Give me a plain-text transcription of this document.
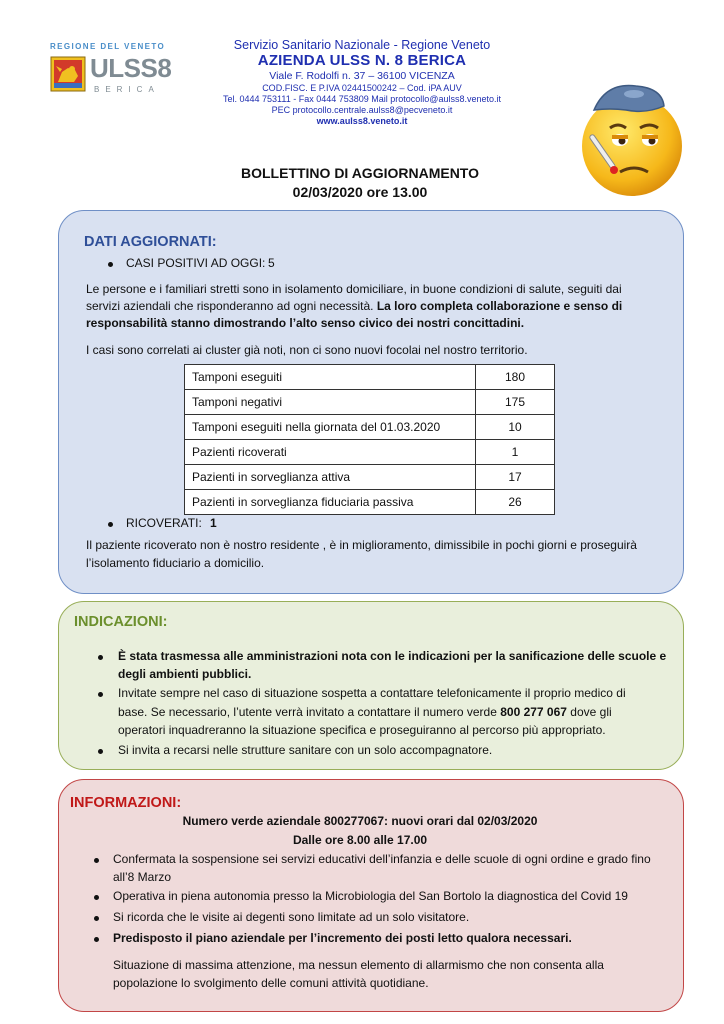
REGIONE DEL VENETO
ULSS8
BERICA
Servizio Sanitario Nazionale - Regione Veneto
AZIENDA ULSS N. 8 BERICA
Viale F. Rodolfi n. 37 – 36100 VICENZA
COD.FISC. E P.IVA 02441500242 – Cod. iPA AUV
Tel. 0444 753111 - Fax 0444 753809 Mail protocollo@aulss8.veneto.it
PEC protocollo.centrale.aulss8@pecveneto.it
www.aulss8.veneto.it
BOLLETTINO DI AGGIORNAMENTO
02/03/2020 ore 13.00
DATI AGGIORNATI:
CASI POSITIVI AD OGGI: 5
Le persone e i familiari stretti sono in isolamento domiciliare, in buone condizioni di salute, seguiti dai
servizi aziendali che risponderanno ad ogni necessità. La loro completa collaborazione e senso di
responsabilità stanno dimostrando l’alto senso civico dei nostri concittadini.
I casi sono correlati ai cluster già noti, non ci sono nuovi focolai nel nostro territorio.
Tamponi eseguiti	180
Tamponi negativi	175
Tamponi eseguiti nella giornata del 01.03.2020	10
Pazienti ricoverati	1
Pazienti in sorveglianza attiva	17
Pazienti in sorveglianza fiduciaria passiva	26
RICOVERATI: 1
Il paziente ricoverato non è nostro residente , è in miglioramento, dimissibile in pochi giorni e proseguirà
l’isolamento fiduciario a domicilio.
INDICAZIONI:
È stata trasmessa alle amministrazioni nota con le indicazioni per la sanificazione delle scuole e
degli ambienti pubblici.
Invitate sempre nel caso di situazione sospetta a contattare telefonicamente il proprio medico di
base. Se necessario, l’utente verrà invitato a contattare il numero verde 800 277 067 dove gli
operatori inquadreranno la situazione specifica e proseguiranno al percorso più appropriato.
Si invita a recarsi nelle strutture sanitare con un solo accompagnatore.
INFORMAZIONI:
Numero verde aziendale 800277067: nuovi orari dal 02/03/2020
Dalle ore 8.00 alle 17.00
Confermata la sospensione sei servizi educativi dell’infanzia e delle scuole di ogni ordine e grado fino
all’8 Marzo
Operativa in piena autonomia presso la Microbiologia del San Bortolo la diagnostica del Covid 19
Si ricorda che le visite ai degenti sono limitate ad un solo visitatore.
Predisposto il piano aziendale per l’incremento dei posti letto qualora necessari.
Situazione di massima attenzione, ma nessun elemento di allarmismo che non consenta alla
popolazione lo svolgimento delle comuni attività quotidiane.
